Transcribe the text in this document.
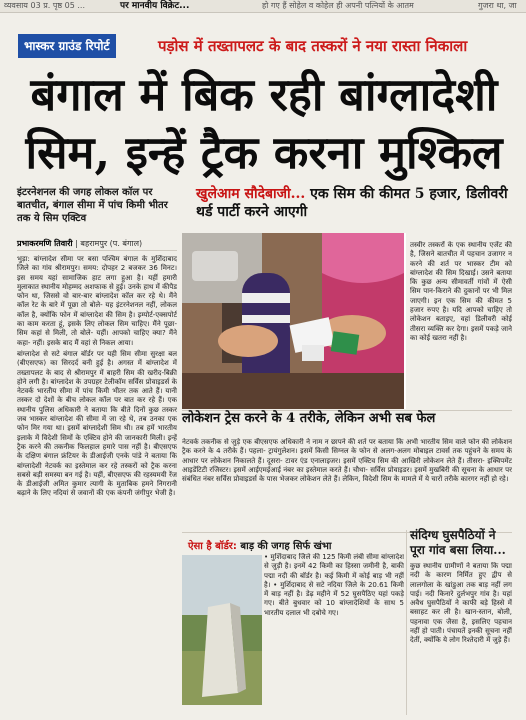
व्यवसाय 03 प्र. पृष्ठ 05 ...	पर मानवीय विक्रेट...	हो गए हैं सोहेल व कोहेल ही अपनी पत्नियों के आतम	गुजरा था, जा
भास्कर ग्राउंड रिपोर्ट	पड़ोस में तख्तापलट के बाद तस्करों ने नया रास्ता निकाला
बंगाल में बिक रही बांग्लादेशी
सिम, इन्हें ट्रैक करना मुश्किल
इंटरनेशनल की जगह लोकल कॉल पर बातचीत, बंगाल सीमा में पांच किमी भीतर तक ये सिम एक्टिव
प्रभाकरमणि तिवारी | बहरामपुर (प. बंगाल)

भुड़ा: बांग्लादेश सीमा पर बसा पश्चिम बंगाल के मुर्शिदाबाद जिले का गांव श्रीरामपुर। समय: दोपहर 2 बजकर 36 मिनट। इस समय यहां सामाजिक हाट लगा हुआ है। यहीं हमारी मुलाकात स्थानीय मोहम्मद अशफाक से हुई। उनके हाथ में कीपैड फोन था, जिससे वो बार-बार बांग्लादेश कॉल कर रहे थे। मैंने कॉल रेट के बारे में पूछा तो बोले- यह इंटरनेशनल नहीं, लोकल कॉल है, क्योंकि फोन में बांग्लादेश की सिम है। इम्पोर्ट-एक्सपोर्ट का काम करता हूं, इसके लिए लोकल सिम चाहिए। मैंने पूछा- सिम कहां से मिली, तो बोले- यहीं। आपको चाहिए क्या? मैंने कहा- नहीं। इसके बाद मैं वहां से निकल आया।

बांग्लादेश से सटे बंगाल बॉर्डर पर यही सिम सीमा सुरक्षा बल (बीएसएफ) का सिरदर्द बनी हुई है। अगस्त में बांग्लादेश में तख्तापलट के बाद से श्रीरामपुर में बाहरी सिम की खरीद-बिक्री होने लगी है। बांग्लादेश के उपग्रहर टेलीकॉम सर्विस प्रोवाइडर्स के नेटवर्क भारतीय सीमा में पांच किमी भीतर तक आते हैं। यानी तस्कर दो देशों के बीच लोकल कॉल पर बात कर रहे हैं। एक स्थानीय पुलिस अधिकारी ने बताया कि बीते दिनों कुछ तस्कर जब भास्कर बांग्लादेश की सीमा में जा रहे थे, तब उनका एक फोन मिर गया था। इसमें बांग्लादेशी सिम थी। तब हमें भारतीय इलाके में विदेशी सिमों के एक्टिव होने की जानकारी मिली। इन्हें ट्रैक करने की तकनीक फिलहाल हमारे पास नहीं है। बीएसएफ के दक्षिण बंगाल फ्रंटियर के डीआईजी एनके पांडे ने बताया कि बांग्लादेशी नेटवर्क का इस्तेमाल कर रहे तस्करों को ट्रैक करना सबसे बड़ी समस्या बन गई है। यहीं, बीएसएफ की रहस्यमयी रेंज के डीआईजी अमित कुमार त्यागी के मुताबिक हमने निगरानी बढ़ाने के लिए नदियां से जवानों की एक कंपनी जंगीपुर भेजी है।

खुलेआम सौदेबाजी... एक सिम की कीमत 5 हजार, डिलीवरी थर्ड पार्टी करने आएगी

तस्वीर तस्करों के एक स्थानीय एजेंट की है, जिसने बातचीत में पहचान उजागर न करने की शर्त पर भास्कर टीम को बांग्लादेश की सिम दिखाई। उसने बताया कि कुछ अन्य सीमावर्ती गांवों में ऐसी सिम पान-किराने की दुकानों पर भी मिल जाएगी। इन एक सिम की कीमत 5 हजार रुपए है। यदि आपको चाहिए तो लोकेशन बताइए, वहां डिलीवरी कोई तीसरा व्यक्ति कर देगा। इसमें पकड़े जाने का कोई खतरा नहीं है।

लोकेशन ट्रेस करने के 4 तरीके, लेकिन अभी सब फेल

नेटवर्क तकनीक से जुड़े एक बीएसएफ अधिकारी ने नाम न छापने की शर्त पर बताया कि अभी भारतीय सिम वाले फोन की लोकेशन ट्रैक करने के 4 तरीके हैं। पहला- ट्रायंगुलेशन। इसमें किसी सिग्नल के फोन से अलग-अलग मोबाइल टावर्स तक पहुंचने के समय के आधार पर लोकेशन निकालते हैं। दूसरा- टावर एंड एनालाइजर। इसमें एक्टिव सिम की आखिरी लोकेशन लेते हैं। तीसरा- इक्विपमेंट आइडेंटिटी रजिस्टर। इसमें आईएमईआई नंबर का इस्तेमाल करते हैं। चौथा- सर्विस प्रोवाइडर। इसमें मुखबिरी की सूचना के आधार पर संबंधित नंबर सर्विस प्रोवाइडर्स के पास भेजकर लोकेशन लेते हैं। लेकिन, विदेशी सिम के मामले में ये चारों तरीके कारगर नहीं हो रहे।

ऐसा है बॉर्डर: बाड़ की जगह सिर्फ खंभा

• मुर्शिदाबाद जिले की 125 किमी लंबी सीमा बांग्लादेश से जुड़ी है। इनमें 42 किमी का हिस्सा जमीनी है, बाकी पद्मा नदी की बॉर्डर है। कई किमी में कोई बाड़ भी नहीं है। • मुर्शिदाबाद से सटे नदिया जिले के 20.61 किमी में बाड़ नहीं है। डेढ़ महीने में 52 घुसपैठिए यहां पकड़े गए। बीते बुधवार को 10 बांग्लादेशियों के साथ 5 भारतीय दलाल भी दबोचे गए।

संदिग्ध घुसपैठियों ने पूरा गांव बसा लिया...

कुछ स्थानीय ग्रामीणों ने बताया कि पद्मा नदी के कारण निर्मित हुए द्वीप से लालगोला के खांडुआ तक बाड़ नहीं लग पाई। नदी किनारे दुर्लभपुर गांव है। यहां अवैध घुसपैठियों ने काफी बड़े हिस्से में बसाहट कर ली है। खान-स्तान, बोली, पहनावा एक जैसा है, इसलिए पहचान नहीं हो पाती। पंचायतें इनकी सूचना नहीं देतीं, क्योंकि ये लोग रिश्तेदारी में जुड़े हैं।
